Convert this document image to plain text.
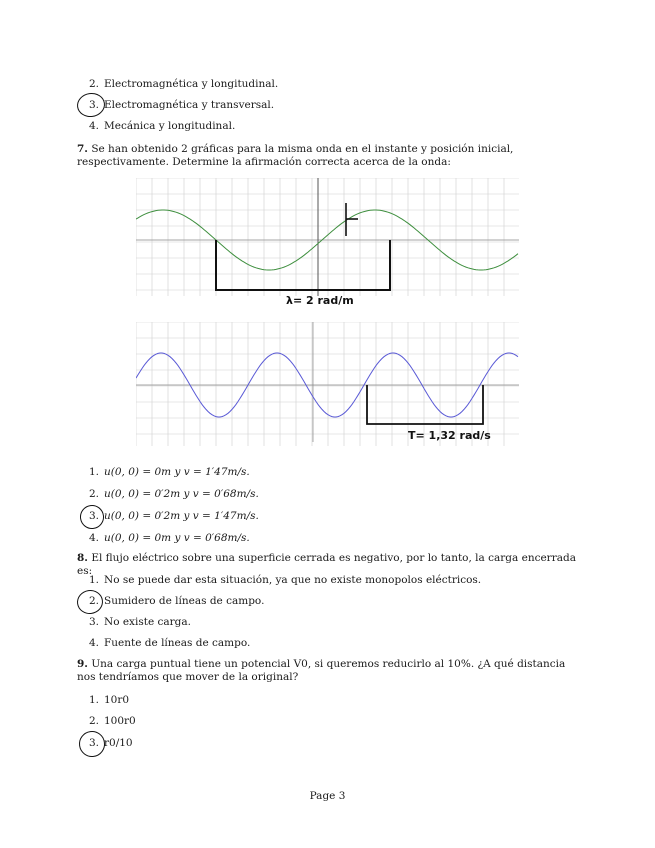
2. Electromagnética y longitudinal.
3. Electromagnética y transversal.
4. Mecánica y longitudinal.
7. Se han obtenido 2 gráficas para la misma onda en el instante y posición inicial, respectivamente. Determine la afirmación correcta acerca de la onda:
λ= 2 rad/m
T= 1,32 rad/s
1. u(0, 0) = 0m y v = 1′47m/s.
2. u(0, 0) = 0′2m y v = 0′68m/s.
3. u(0, 0) = 0′2m y v = 1′47m/s.
4. u(0, 0) = 0m y v = 0′68m/s.
8. El flujo eléctrico sobre una superficie cerrada es negativo, por lo tanto, la carga encerrada es:
1. No se puede dar esta situación, ya que no existe monopolos eléctricos.
2. Sumidero de líneas de campo.
3. No existe carga.
4. Fuente de líneas de campo.
9. Una carga puntual tiene un potencial V0, si queremos reducirlo al 10%. ¿A qué distancia nos tendríamos que mover de la original?
1. 10r0
2. 100r0
3. r0/10
Page 3
